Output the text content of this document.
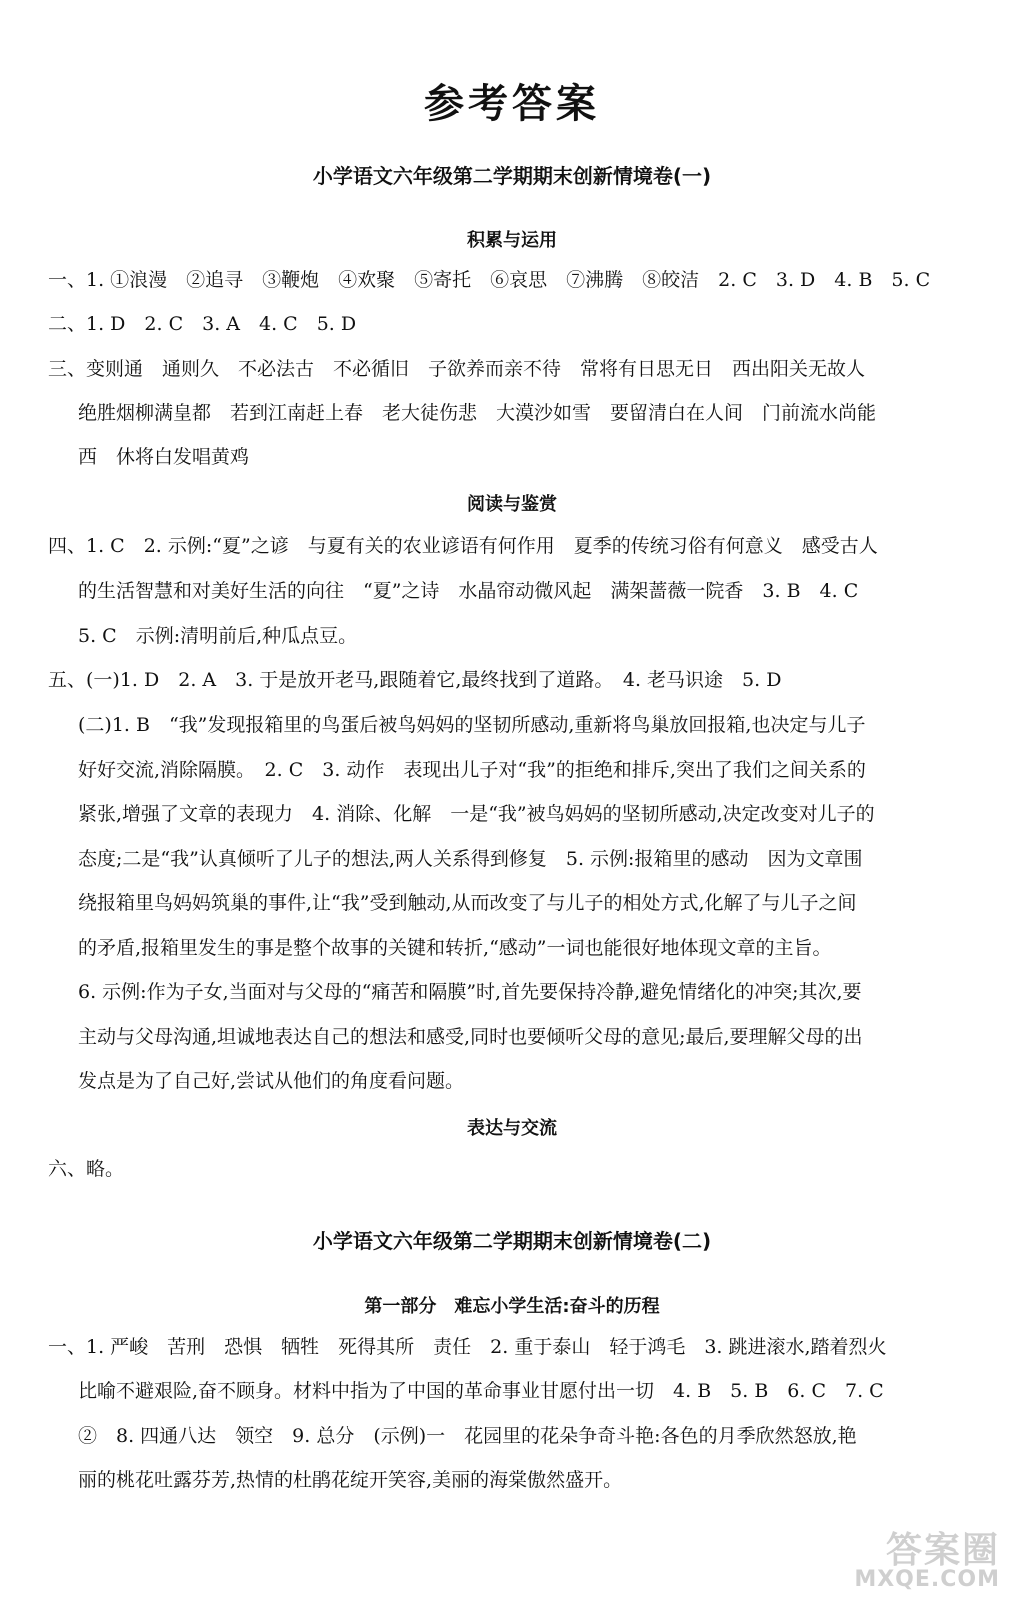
参考答案
小学语文六年级第二学期期末创新情境卷(一)
积累与运用
一、1. ①浪漫　②追寻　③鞭炮　④欢聚　⑤寄托　⑥哀思　⑦沸腾　⑧皎洁　2. C　3. D　4. B　5. C
二、1. D　2. C　3. A　4. C　5. D
三、变则通　通则久　不必法古　不必循旧　子欲养而亲不待　常将有日思无日　西出阳关无故人
绝胜烟柳满皇都　若到江南赶上春　老大徒伤悲　大漠沙如雪　要留清白在人间　门前流水尚能
西　休将白发唱黄鸡
阅读与鉴赏
四、1. C　2. 示例:“夏”之谚　与夏有关的农业谚语有何作用　夏季的传统习俗有何意义　感受古人
的生活智慧和对美好生活的向往　“夏”之诗　水晶帘动微风起　满架蔷薇一院香　3. B　4. C
5. C　示例:清明前后,种瓜点豆。
五、(一)1. D　2. A　3. 于是放开老马,跟随着它,最终找到了道路。　4. 老马识途　5. D
(二)1. B　“我”发现报箱里的鸟蛋后被鸟妈妈的坚韧所感动,重新将鸟巢放回报箱,也决定与儿子
好好交流,消除隔膜。　2. C　3. 动作　表现出儿子对“我”的拒绝和排斥,突出了我们之间关系的
紧张,增强了文章的表现力　4. 消除、化解　一是“我”被鸟妈妈的坚韧所感动,决定改变对儿子的
态度;二是“我”认真倾听了儿子的想法,两人关系得到修复　5. 示例:报箱里的感动　因为文章围
绕报箱里鸟妈妈筑巢的事件,让“我”受到触动,从而改变了与儿子的相处方式,化解了与儿子之间
的矛盾,报箱里发生的事是整个故事的关键和转折,“感动”一词也能很好地体现文章的主旨。
6. 示例:作为子女,当面对与父母的“痛苦和隔膜”时,首先要保持冷静,避免情绪化的冲突;其次,要
主动与父母沟通,坦诚地表达自己的想法和感受,同时也要倾听父母的意见;最后,要理解父母的出
发点是为了自己好,尝试从他们的角度看问题。
表达与交流
六、略。
小学语文六年级第二学期期末创新情境卷(二)
第一部分　难忘小学生活:奋斗的历程
一、1. 严峻　苦刑　恐惧　牺牲　死得其所　责任　2. 重于泰山　轻于鸿毛　3. 跳进滚水,踏着烈火
比喻不避艰险,奋不顾身。材料中指为了中国的革命事业甘愿付出一切　4. B　5. B　6. C　7. C
②　8. 四通八达　领空　9. 总分　(示例)一　花园里的花朵争奇斗艳:各色的月季欣然怒放,艳
丽的桃花吐露芬芳,热情的杜鹃花绽开笑容,美丽的海棠傲然盛开。
答案圈
MXQE.COM
